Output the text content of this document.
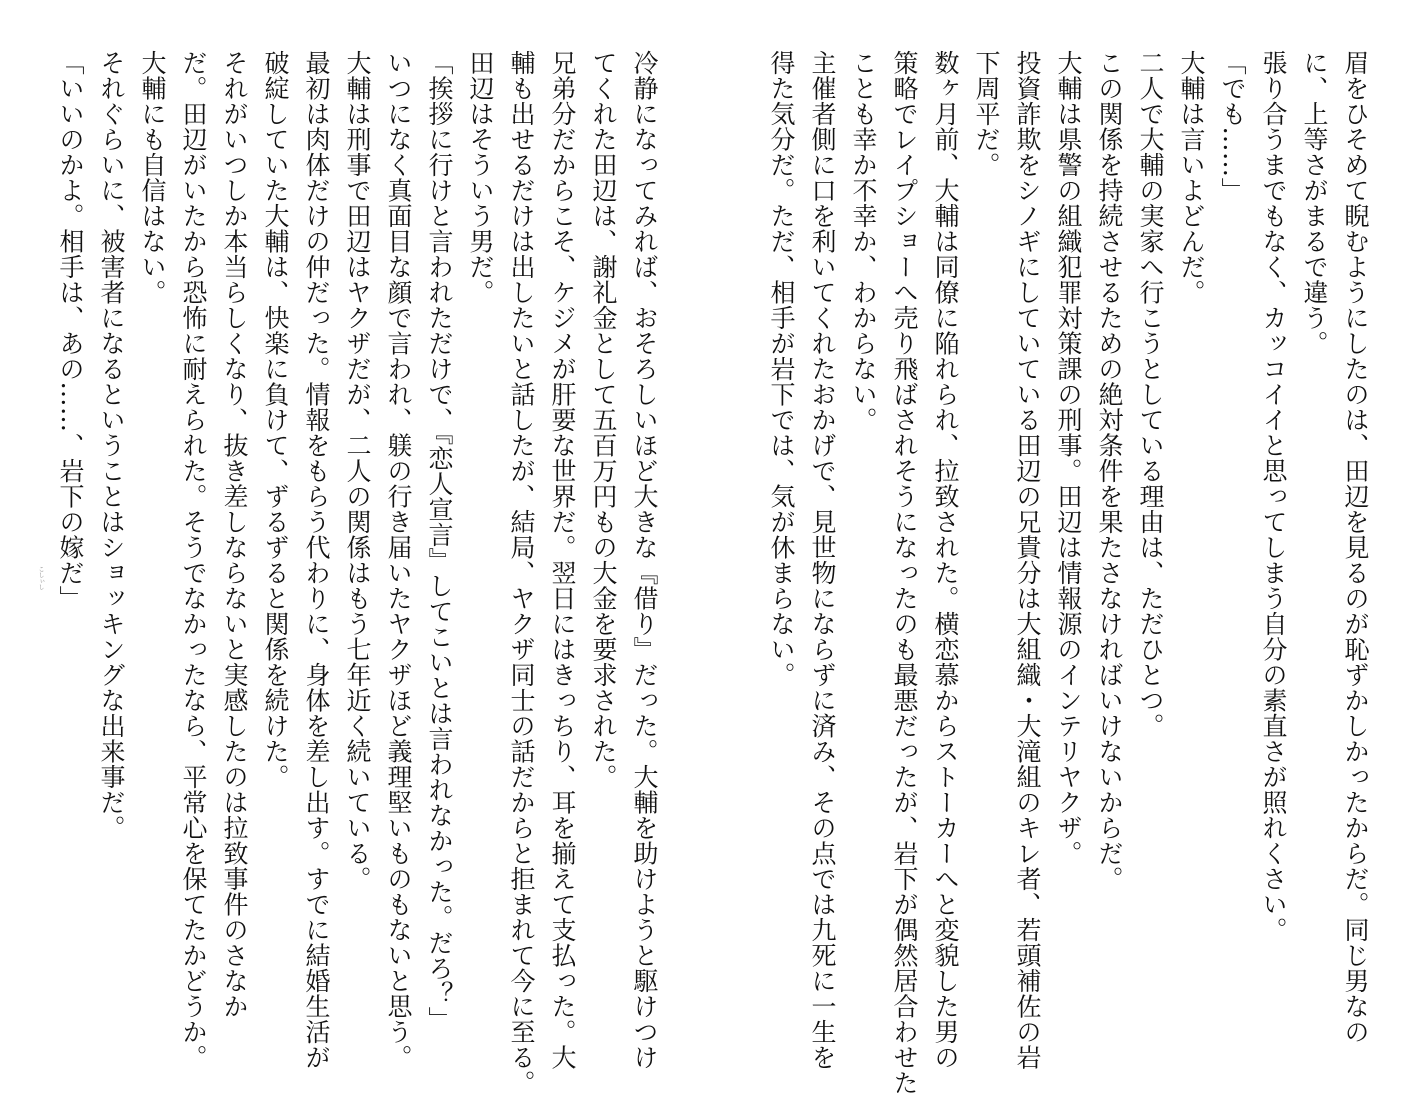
眉をひそめて睨むようにしたのは、田辺を見るのが恥ずかしかったからだ。同じ男なの

に、上等さがまるで違う。

張り合うまでもなく、カッコイイと思ってしまう自分の素直さが照れくさい。

「でも……」

大輔は言いよどんだ。

二人で大輔の実家へ行こうとしている理由は、ただひとつ。

この関係を持続させるための絶対条件を果たさなければいけないからだ。

大輔は県警の組織犯罪対策課の刑事。田辺は情報源のインテリヤクザ。

投資詐欺をシノギにしていている田辺の兄貴分は大組織・大滝組のキレ者、若頭補佐の岩

下周平だ。

数ヶ月前、大輔は同僚に陥れられ、拉致された。横恋慕からストーカーへと変貌した男の

策略でレイプショーへ売り飛ばされそうになったのも最悪だったが、岩下が偶然居合わせた

ことも幸か不幸か、わからない。

主催者側に口を利いてくれたおかげで、見世物にならずに済み、その点では九死に一生を

得た気分だ。ただ、相手が岩下では、気が休まらない。

冷静になってみれば、おそろしいほど大きな『借り』だった。大輔を助けようと駆けつけ

てくれた田辺は、謝礼金として五百万円もの大金を要求された。

兄弟分だからこそ、ケジメが肝要な世界だ。翌日にはきっちり、耳を揃えて支払った。大

輔も出せるだけは出したいと話したが、結局、ヤクザ同士の話だからと拒まれて今に至る。

田辺はそういう男だ。

「挨拶に行けと言われただけで、『恋人宣言』してこいとは言われなかった。だろ？」

いつになく真面目な顔で言われ、躾の行き届いたヤクザほど義理堅いものもないと思う。

大輔は刑事で田辺はヤクザだが、二人の関係はもう七年近く続いている。

最初は肉体だけの仲だった。情報をもらう代わりに、身体を差し出す。すでに結婚生活が

破綻していた大輔は、快楽に負けて、ずるずると関係を続けた。

それがいつしか本当らしくなり、抜き差しならないと実感したのは拉致事件のさなか

だ。田辺がいたから恐怖に耐えられた。そうでなかったなら、平常心を保てたかどうか。

大輔にも自信はない。

それぐらいに、被害者になるということはショッキングな出来事だ。

「いいのかよ。相手は、あの……、岩下の嫁だ」

こしぃし
